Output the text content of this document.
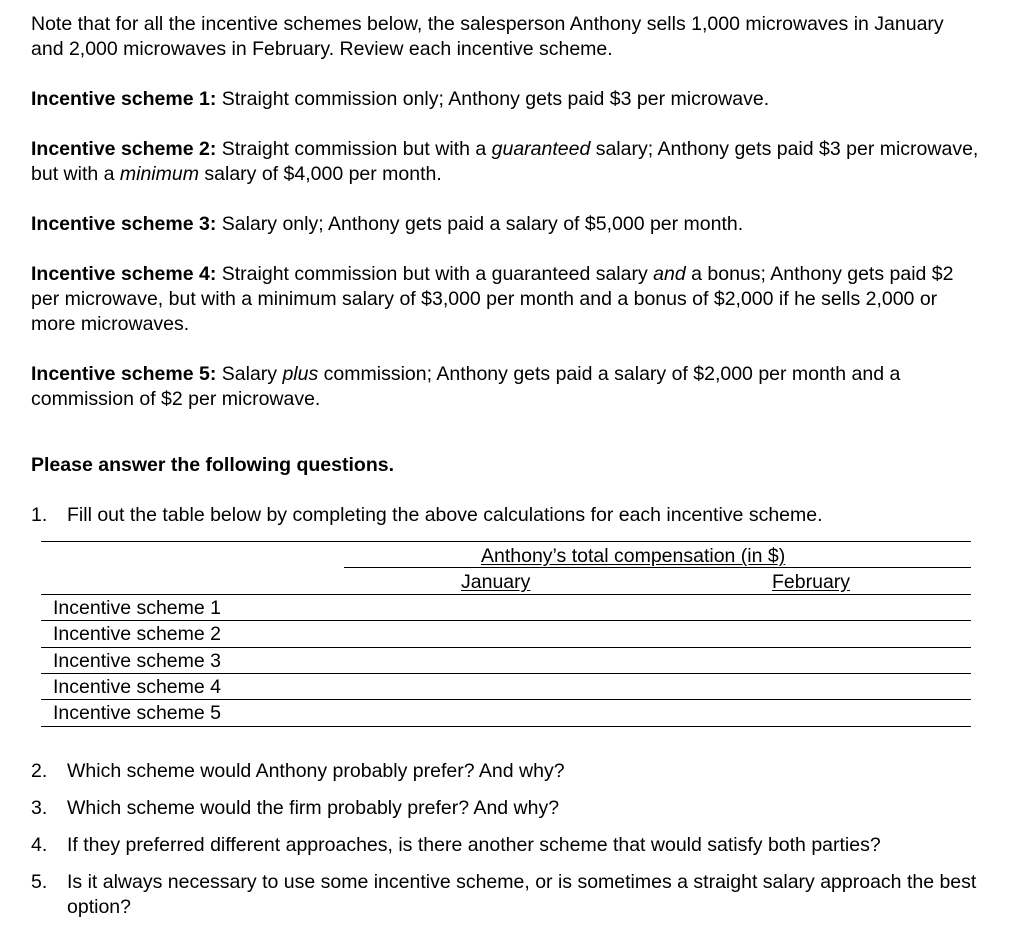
Note that for all the incentive schemes below, the salesperson Anthony sells 1,000 microwaves in January and 2,000 microwaves in February. Review each incentive scheme.

Incentive scheme 1: Straight commission only; Anthony gets paid $3 per microwave.

Incentive scheme 2: Straight commission but with a guaranteed salary; Anthony gets paid $3 per microwave, but with a minimum salary of $4,000 per month.

Incentive scheme 3: Salary only; Anthony gets paid a salary of $5,000 per month.

Incentive scheme 4: Straight commission but with a guaranteed salary and a bonus; Anthony gets paid $2 per microwave, but with a minimum salary of $3,000 per month and a bonus of $2,000 if he sells 2,000 or more microwaves.

Incentive scheme 5: Salary plus commission; Anthony gets paid a salary of $2,000 per month and a commission of $2 per microwave.

Please answer the following questions.

1.	Fill out the table below by completing the above calculations for each incentive scheme.
Anthony’s total compensation (in $)
January	February
Incentive scheme 1
Incentive scheme 2
Incentive scheme 3
Incentive scheme 4
Incentive scheme 5
2.	Which scheme would Anthony probably prefer? And why?
3.	Which scheme would the firm probably prefer? And why?
4.	If they preferred different approaches, is there another scheme that would satisfy both parties?
5.	Is it always necessary to use some incentive scheme, or is sometimes a straight salary approach the best option?
